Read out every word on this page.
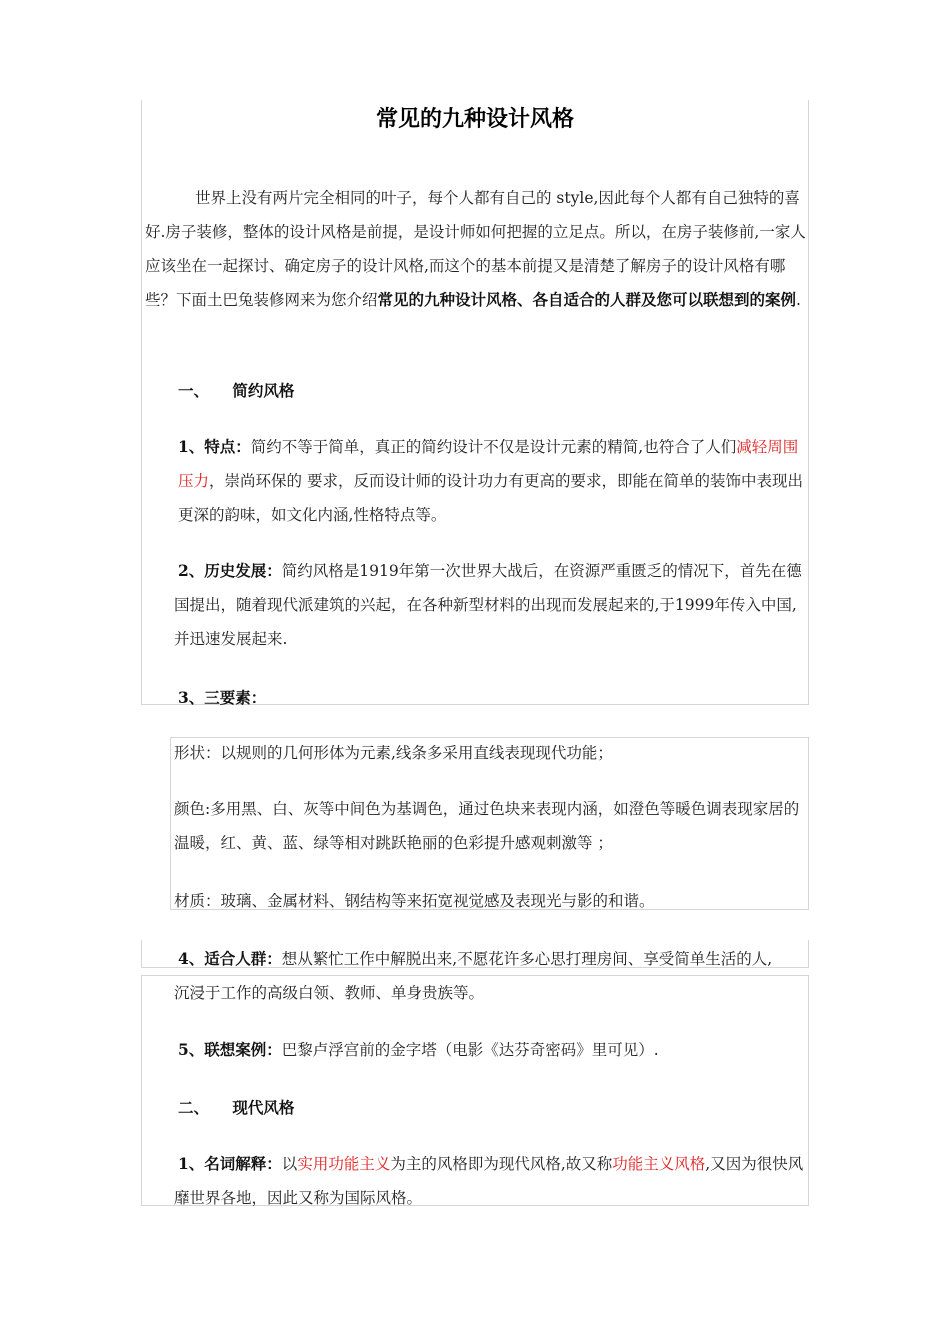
常见的九种设计风格

世界上没有两片完全相同的叶子，每个人都有自己的 style,因此每个人都有自己独特的喜好.房子装修，整体的设计风格是前提，是设计师如何把握的立足点。所以，在房子装修前,一家人应该坐在一起探讨、确定房子的设计风格,而这个的基本前提又是清楚了解房子的设计风格有哪些？下面土巴兔装修网来为您介绍常见的九种设计风格、各自适合的人群及您可以联想到的案例.

一、 简约风格

1、特点：简约不等于简单，真正的简约设计不仅是设计元素的精简,也符合了人们减轻周围压力，崇尚环保的 要求，反而设计师的设计功力有更高的要求，即能在简单的装饰中表现出更深的韵味，如文化内涵,性格特点等。

2、历史发展：简约风格是1919年第一次世界大战后，在资源严重匮乏的情况下，首先在德国提出，随着现代派建筑的兴起，在各种新型材料的出现而发展起来的,于1999年传入中国,并迅速发展起来.

3、三要素：

形状：以规则的几何形体为元素,线条多采用直线表现现代功能；

颜色:多用黑、白、灰等中间色为基调色，通过色块来表现内涵，如澄色等暖色调表现家居的温暖，红、黄、蓝、绿等相对跳跃艳丽的色彩提升感观刺激等 ；

材质：玻璃、金属材料、钢结构等来拓宽视觉感及表现光与影的和谐。

4、适合人群：想从繁忙工作中解脱出来,不愿花许多心思打理房间、享受简单生活的人,

沉浸于工作的高级白领、教师、单身贵族等。

5、联想案例：巴黎卢浮宫前的金字塔（电影《达芬奇密码》里可见）.

二、 现代风格

1、名词解释：以实用功能主义为主的风格即为现代风格,故又称功能主义风格,又因为很快风靡世界各地，因此又称为国际风格。
